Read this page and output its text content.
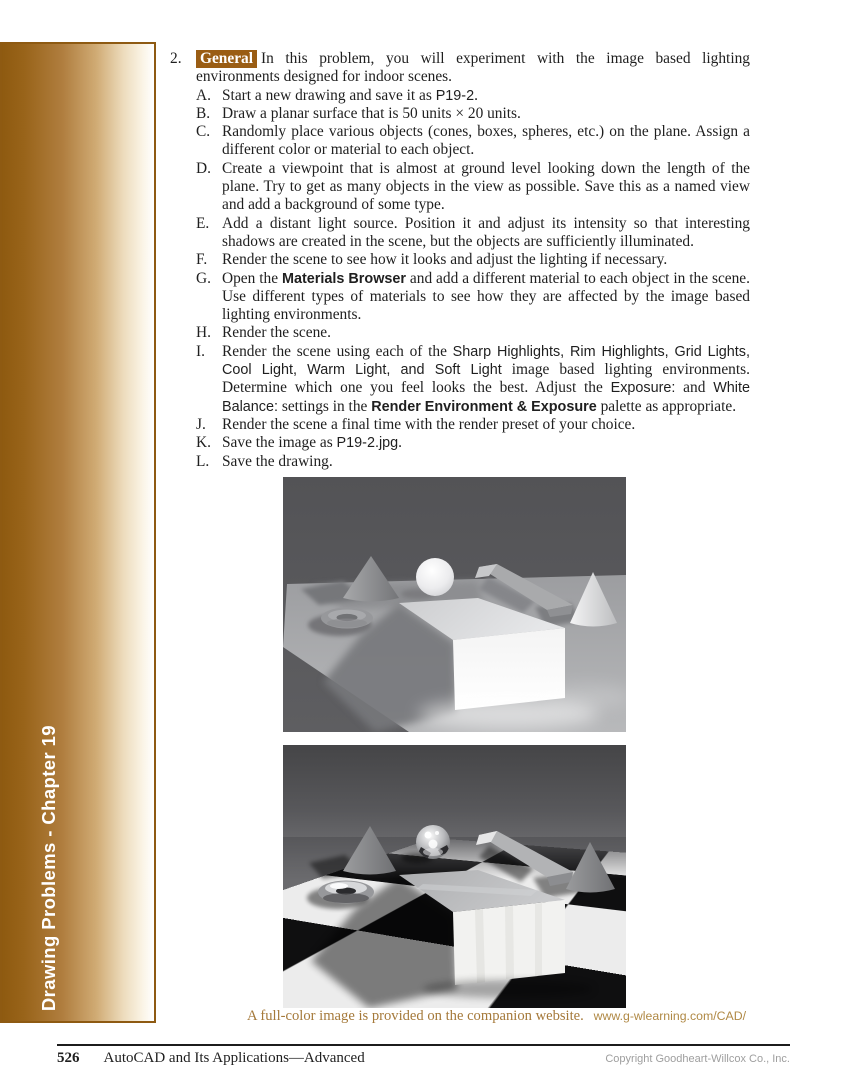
Drawing Problems - Chapter 19
2.	General In this problem, you will experiment with the image based lighting environments designed for indoor scenes.

A. Start a new drawing and save it as P19-2.
B. Draw a planar surface that is 50 units × 20 units.
C. Randomly place various objects (cones, boxes, spheres, etc.) on the plane. Assign a different color or material to each object.
D. Create a viewpoint that is almost at ground level looking down the length of the plane. Try to get as many objects in the view as possible. Save this as a named view and add a background of some type.
E. Add a distant light source. Position it and adjust its intensity so that interesting shadows are created in the scene, but the objects are sufficiently illuminated.
F. Render the scene to see how it looks and adjust the lighting if necessary.
G. Open the Materials Browser and add a different material to each object in the scene. Use different types of materials to see how they are affected by the image based lighting environments.
H. Render the scene.
I.	Render the scene using each of the Sharp Highlights, Rim Highlights, Grid Lights, Cool Light, Warm Light, and Soft Light image based lighting environments. Determine which one you feel looks the best. Adjust the Exposure: and White Balance: settings in the Render Environment & Exposure palette as appropriate.
J.	Render the scene a final time with the render preset of your choice.
K. Save the image as P19-2.jpg.
L. Save the drawing.
A full-color image is provided on the companion website. www.g-wlearning.com/CAD/
526 AutoCAD and Its Applications—Advanced	Copyright Goodheart-Willcox Co., Inc.
